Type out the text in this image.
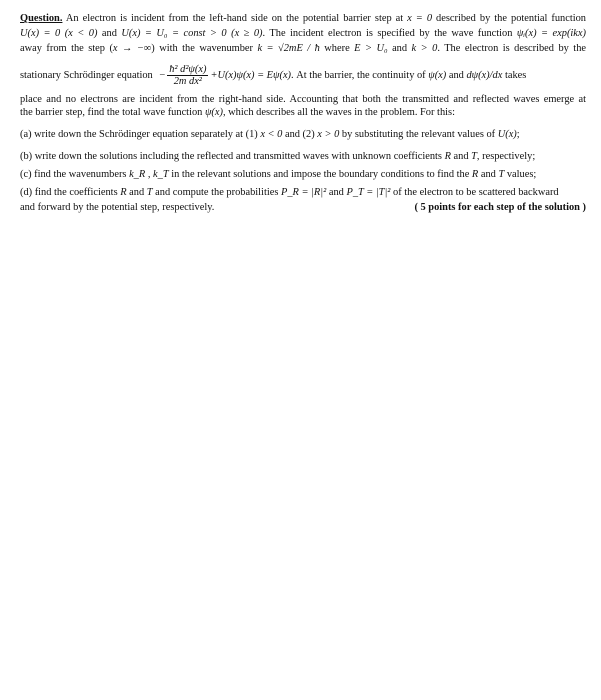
Question. An electron is incident from the left-hand side on the potential barrier step at x = 0 described by the potential function
U(x) = 0 (x < 0) and U(x) = U₀ = const > 0 (x ≥ 0). The incident electron is specified by the wave function ψᵢ(x) = exp(ikx)
away from the step (x → −∞) with the wavenumber k = √2mE / ħ where E > U₀ and k > 0. The electron is described by the
stationary Schrödinger equation − $\frac{\text{ħ² d²ψ(x)}}{\text{2m dx²}} +U(x)\psi(x) = E\psi(x)$. At the barrier, the continuity of ψ(x) and dψ(x)/dx takes
place and no electrons are incident from the right-hand side. Accounting that both the transmitted and reflected waves emerge at
the barrier step, find the total wave function ψ(x), which describes all the waves in the problem. For this:
(a) write down the Schrödinger equation separately at (1) x < 0 and (2) x > 0 by substituting the relevant values of U(x);
(b) write down the solutions including the reflected and transmitted waves with unknown coefficients R and T, respectively;
(c) find the wavenumbers k_R , k_T in the relevant solutions and impose the boundary conditions to find the R and T values;
(d) find the coefficients R and T and compute the probabilities P_R = |R|² and P_T = |T|² of the electron to be scattered backward
and forward by the potential step, respectively.	( 5 points for each step of the solution )
